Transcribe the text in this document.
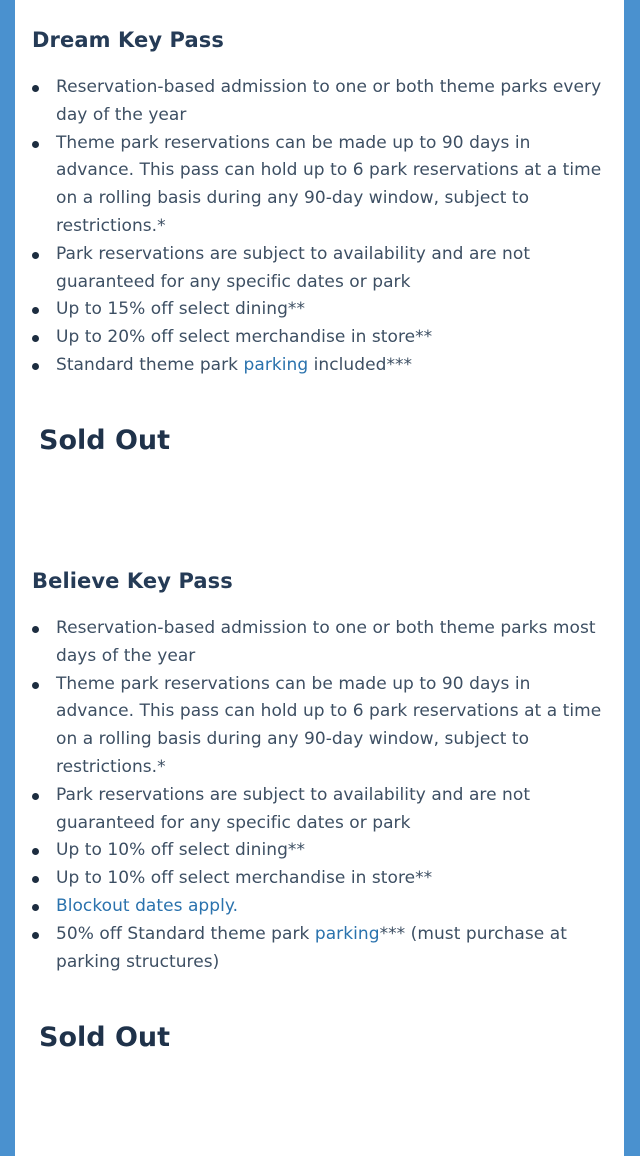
Dream Key Pass
Reservation-based admission to one or both theme parks every day of the year
Theme park reservations can be made up to 90 days in advance. This pass can hold up to 6 park reservations at a time on a rolling basis during any 90-day window, subject to restrictions.*
Park reservations are subject to availability and are not guaranteed for any specific dates or park
Up to 15% off select dining**
Up to 20% off select merchandise in store**
Standard theme park parking included***
Sold Out
Believe Key Pass
Reservation-based admission to one or both theme parks most days of the year
Theme park reservations can be made up to 90 days in advance. This pass can hold up to 6 park reservations at a time on a rolling basis during any 90-day window, subject to restrictions.*
Park reservations are subject to availability and are not guaranteed for any specific dates or park
Up to 10% off select dining**
Up to 10% off select merchandise in store**
Blockout dates apply.
50% off Standard theme park parking*** (must purchase at parking structures)
Sold Out
